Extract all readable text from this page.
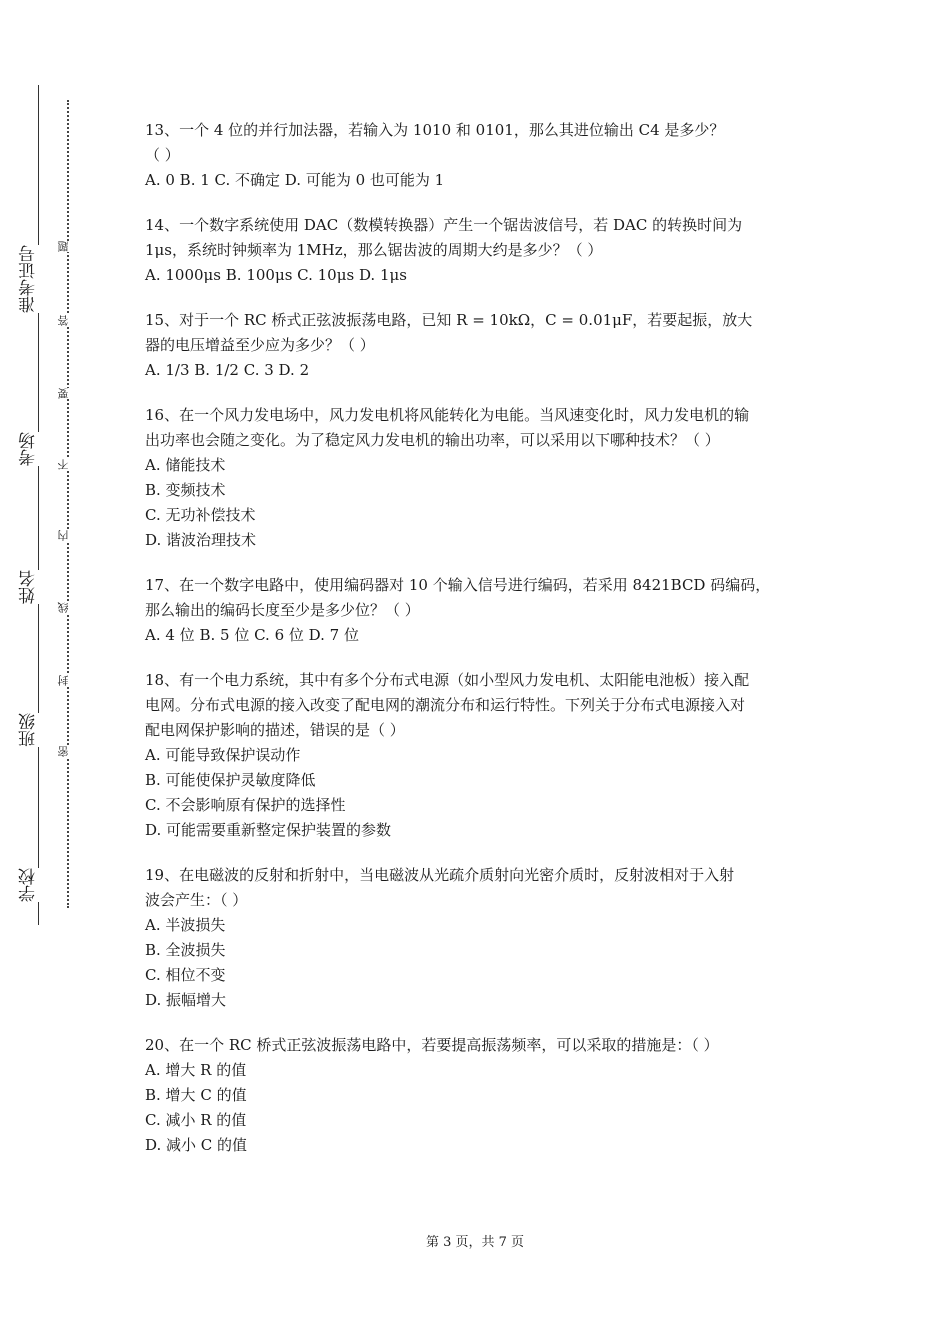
准考证号
考场
姓名
班级
学校
题
答
要
不
内
线
封
密
13、一个 4 位的并行加法器，若输入为 1010 和 0101，那么其进位输出 C4 是多少？
（ ）
A. 0 B. 1 C. 不确定 D. 可能为 0 也可能为 1
14、一个数字系统使用 DAC（数模转换器）产生一个锯齿波信号，若 DAC 的转换时间为
1μs，系统时钟频率为 1MHz，那么锯齿波的周期大约是多少？（ ）
A. 1000μs B. 100μs C. 10μs D. 1μs
15、对于一个 RC 桥式正弦波振荡电路，已知 R = 10kΩ，C = 0.01μF，若要起振，放大
器的电压增益至少应为多少？（ ）
A. 1/3 B. 1/2 C. 3 D. 2
16、在一个风力发电场中，风力发电机将风能转化为电能。当风速变化时，风力发电机的输
出功率也会随之变化。为了稳定风力发电机的输出功率，可以采用以下哪种技术？（ ）
A. 储能技术
B. 变频技术
C. 无功补偿技术
D. 谐波治理技术
17、在一个数字电路中，使用编码器对 10 个输入信号进行编码，若采用 8421BCD 码编码，
那么输出的编码长度至少是多少位？（ ）
A. 4 位 B. 5 位 C. 6 位 D. 7 位
18、有一个电力系统，其中有多个分布式电源（如小型风力发电机、太阳能电池板）接入配
电网。分布式电源的接入改变了配电网的潮流分布和运行特性。下列关于分布式电源接入对
配电网保护影响的描述，错误的是（ ）
A. 可能导致保护误动作
B. 可能使保护灵敏度降低
C. 不会影响原有保护的选择性
D. 可能需要重新整定保护装置的参数
19、在电磁波的反射和折射中，当电磁波从光疏介质射向光密介质时，反射波相对于入射
波会产生：（ ）
A. 半波损失
B. 全波损失
C. 相位不变
D. 振幅增大
20、在一个 RC 桥式正弦波振荡电路中，若要提高振荡频率，可以采取的措施是：（ ）
A. 增大 R 的值
B. 增大 C 的值
C. 减小 R 的值
D. 减小 C 的值
第 3 页，共 7 页
